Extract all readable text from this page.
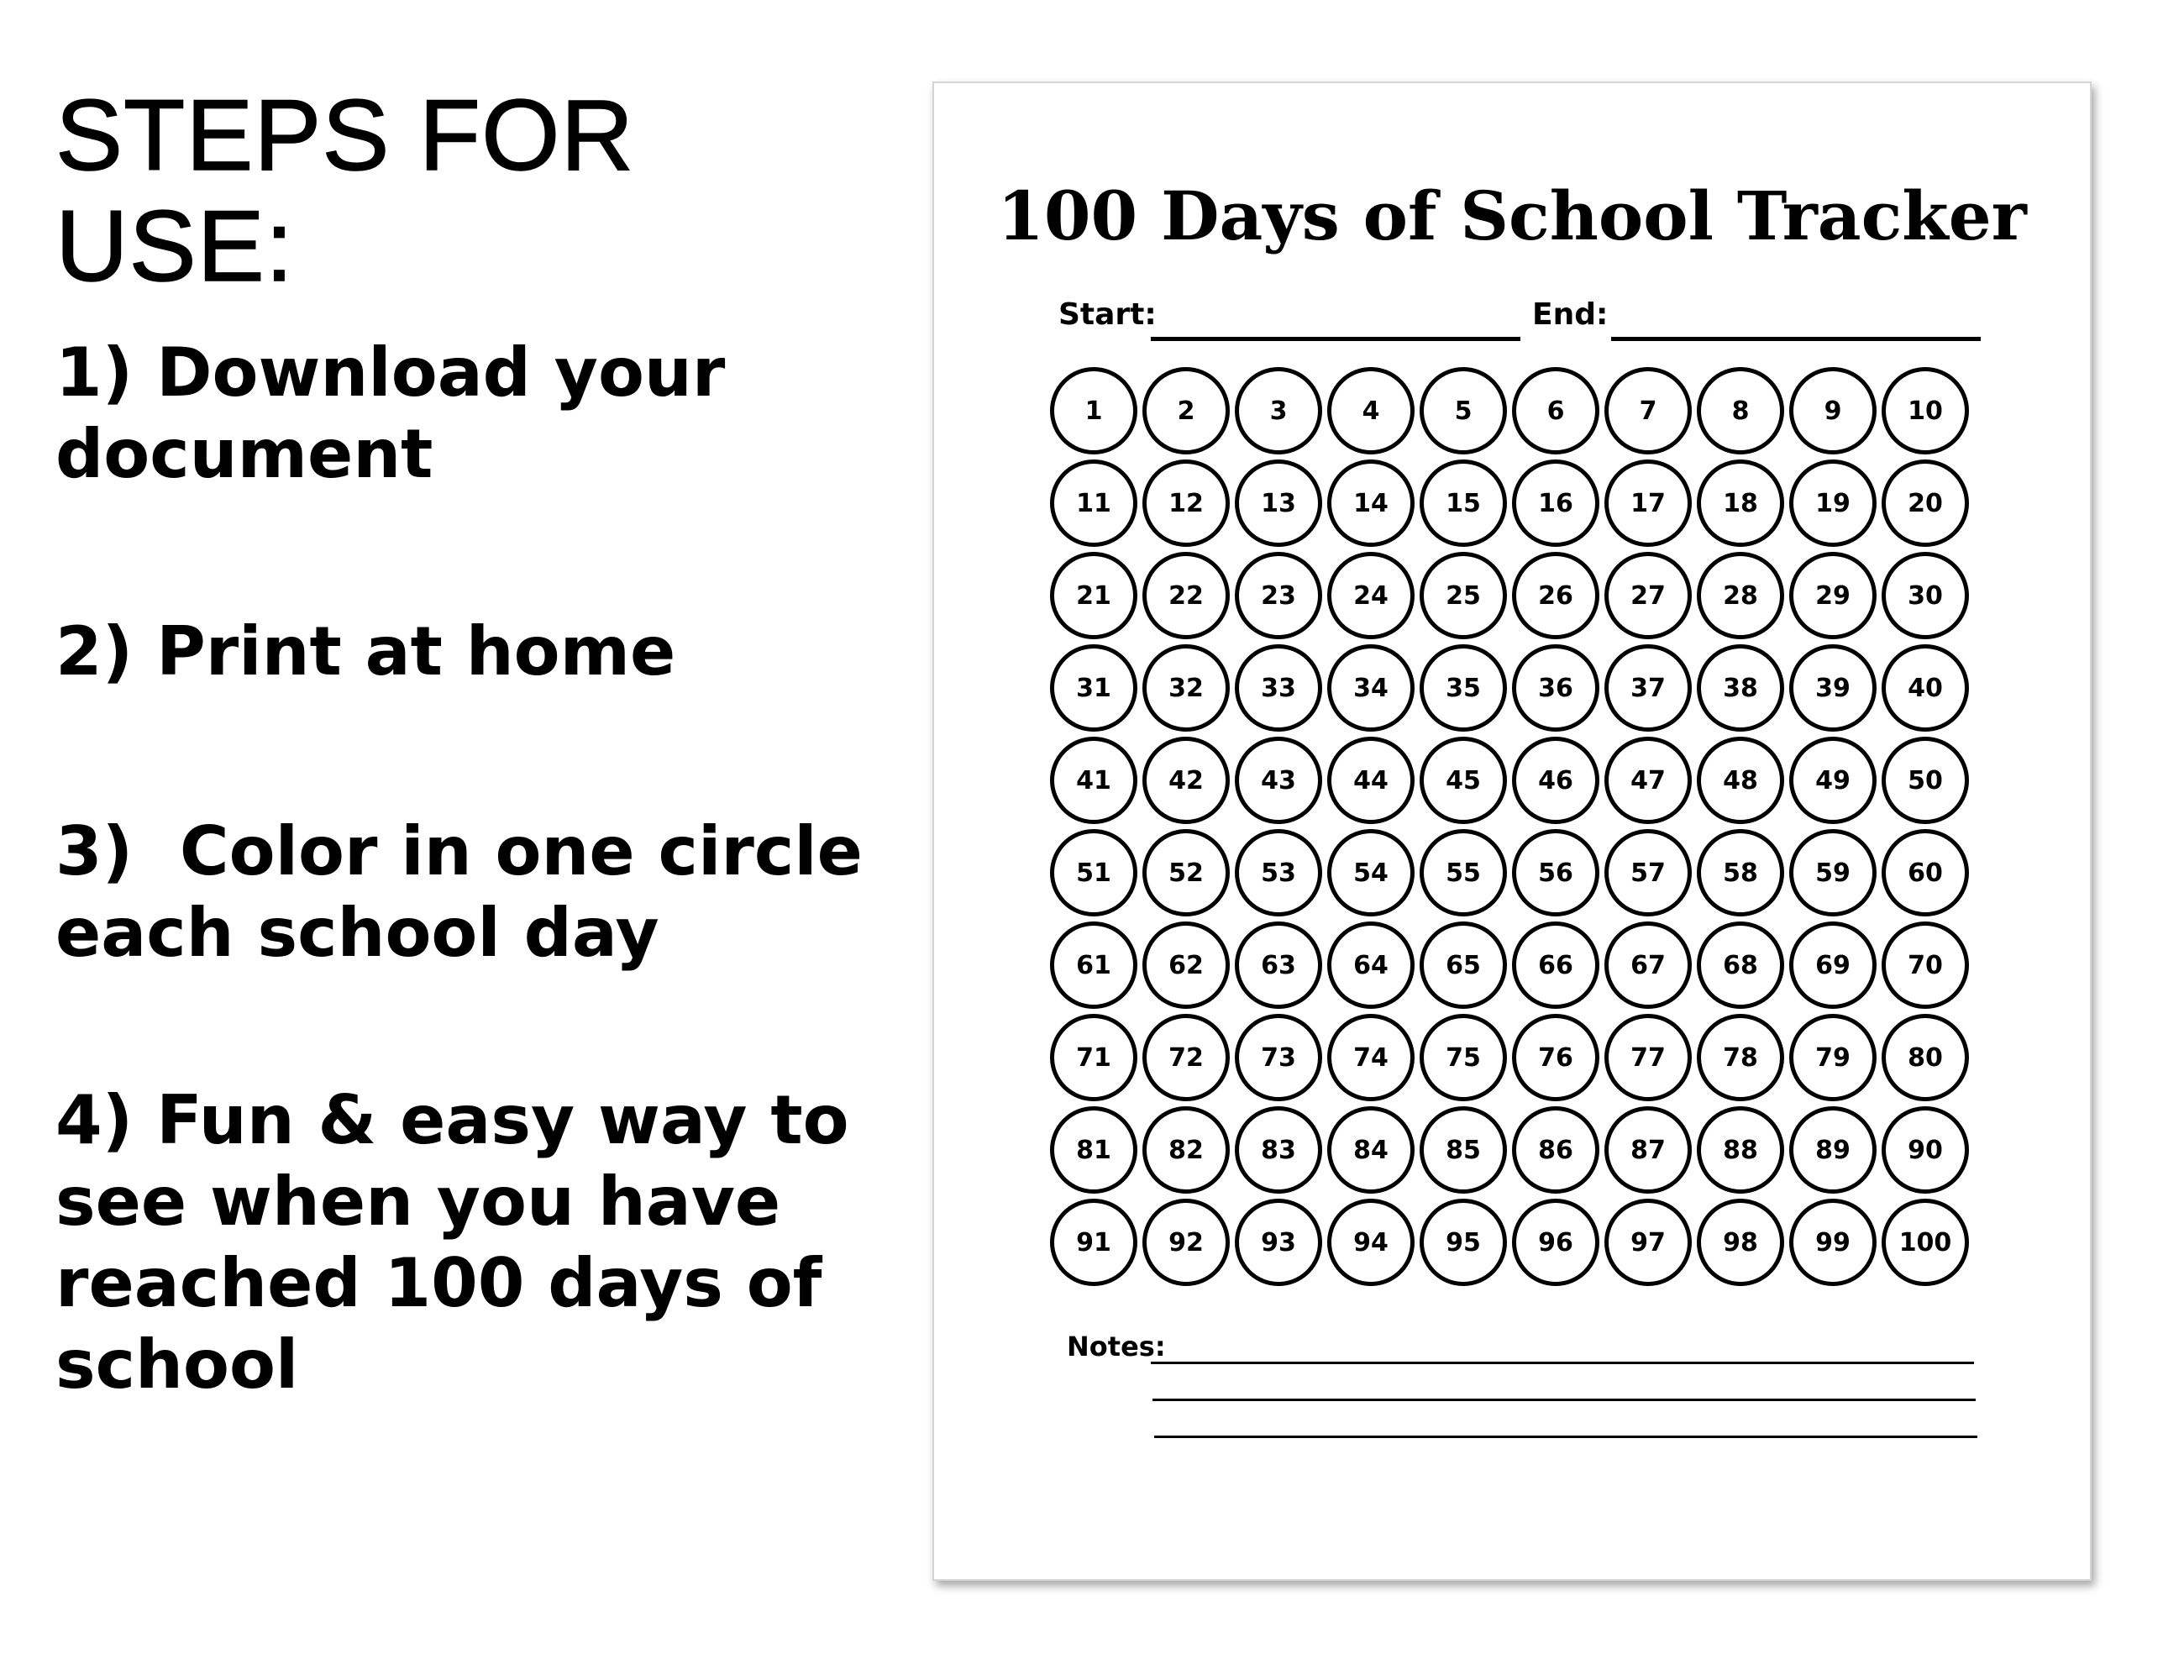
STEPS FOR USE:

1) Download your
document

2) Print at home

3)  Color in one circle
each school day

4) Fun & easy way to
see when you have
reached 100 days of
school

100 Days of School Tracker
Start:	End:
1	2	3	4	5	6	7	8	9	10
11	12	13	14	15	16	17	18	19	20
21	22	23	24	25	26	27	28	29	30
31	32	33	34	35	36	37	38	39	40
41	42	43	44	45	46	47	48	49	50
51	52	53	54	55	56	57	58	59	60
61	62	63	64	65	66	67	68	69	70
71	72	73	74	75	76	77	78	79	80
81	82	83	84	85	86	87	88	89	90
91	92	93	94	95	96	97	98	99	100
Notes:
